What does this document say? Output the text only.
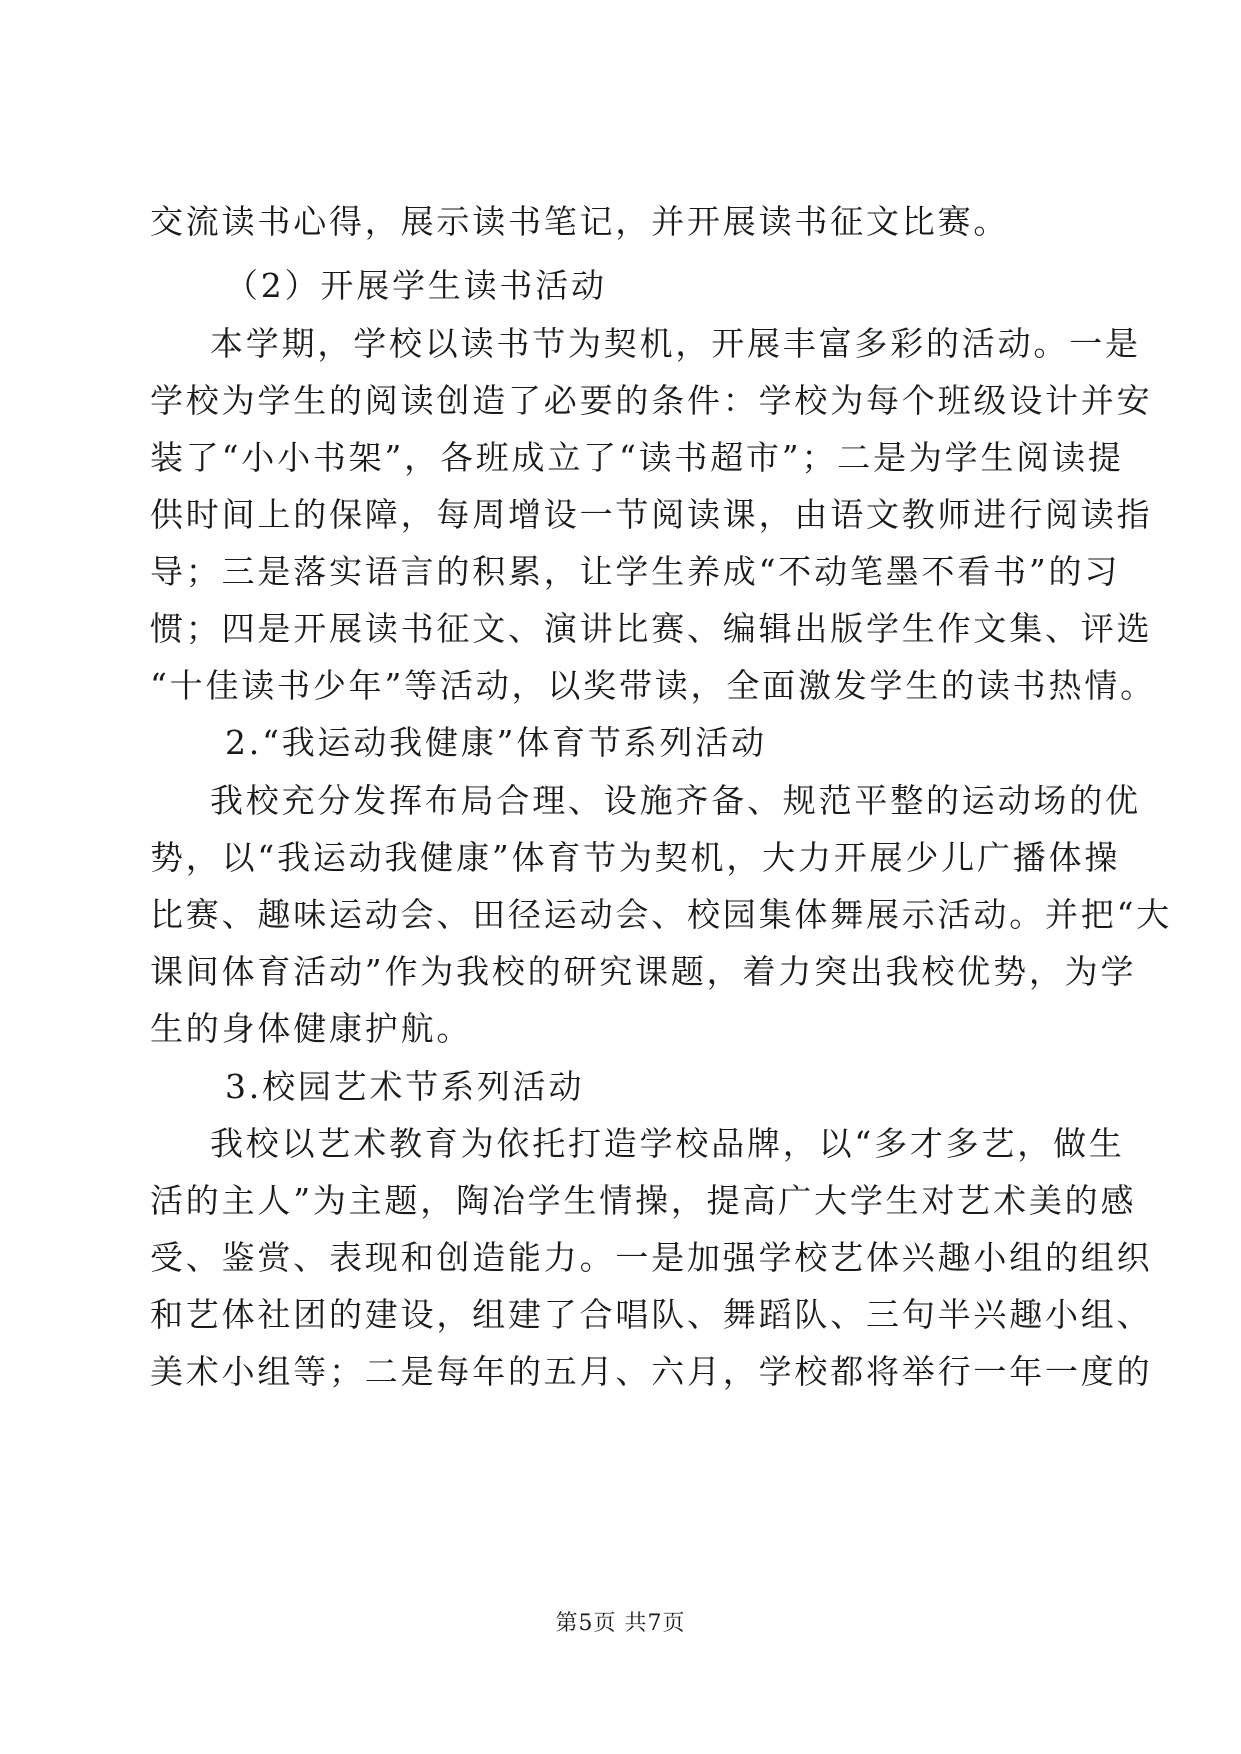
交流读书心得，展示读书笔记，并开展读书征文比赛。
（2）开展学生读书活动
本学期，学校以读书节为契机，开展丰富多彩的活动。一是
学校为学生的阅读创造了必要的条件：学校为每个班级设计并安
装了“小小书架”，各班成立了“读书超市”；二是为学生阅读提
供时间上的保障，每周增设一节阅读课，由语文教师进行阅读指
导；三是落实语言的积累，让学生养成“不动笔墨不看书”的习
惯；四是开展读书征文、演讲比赛、编辑出版学生作文集、评选
“十佳读书少年”等活动，以奖带读，全面激发学生的读书热情。
2.“我运动我健康”体育节系列活动
我校充分发挥布局合理、设施齐备、规范平整的运动场的优
势，以“我运动我健康”体育节为契机，大力开展少儿广播体操
比赛、趣味运动会、田径运动会、校园集体舞展示活动。并把“大
课间体育活动”作为我校的研究课题，着力突出我校优势，为学
生的身体健康护航。
3.校园艺术节系列活动
我校以艺术教育为依托打造学校品牌，以“多才多艺，做生
活的主人”为主题，陶冶学生情操，提高广大学生对艺术美的感
受、鉴赏、表现和创造能力。一是加强学校艺体兴趣小组的组织
和艺体社团的建设，组建了合唱队、舞蹈队、三句半兴趣小组、
美术小组等；二是每年的五月、六月，学校都将举行一年一度的
第5页 共7页
